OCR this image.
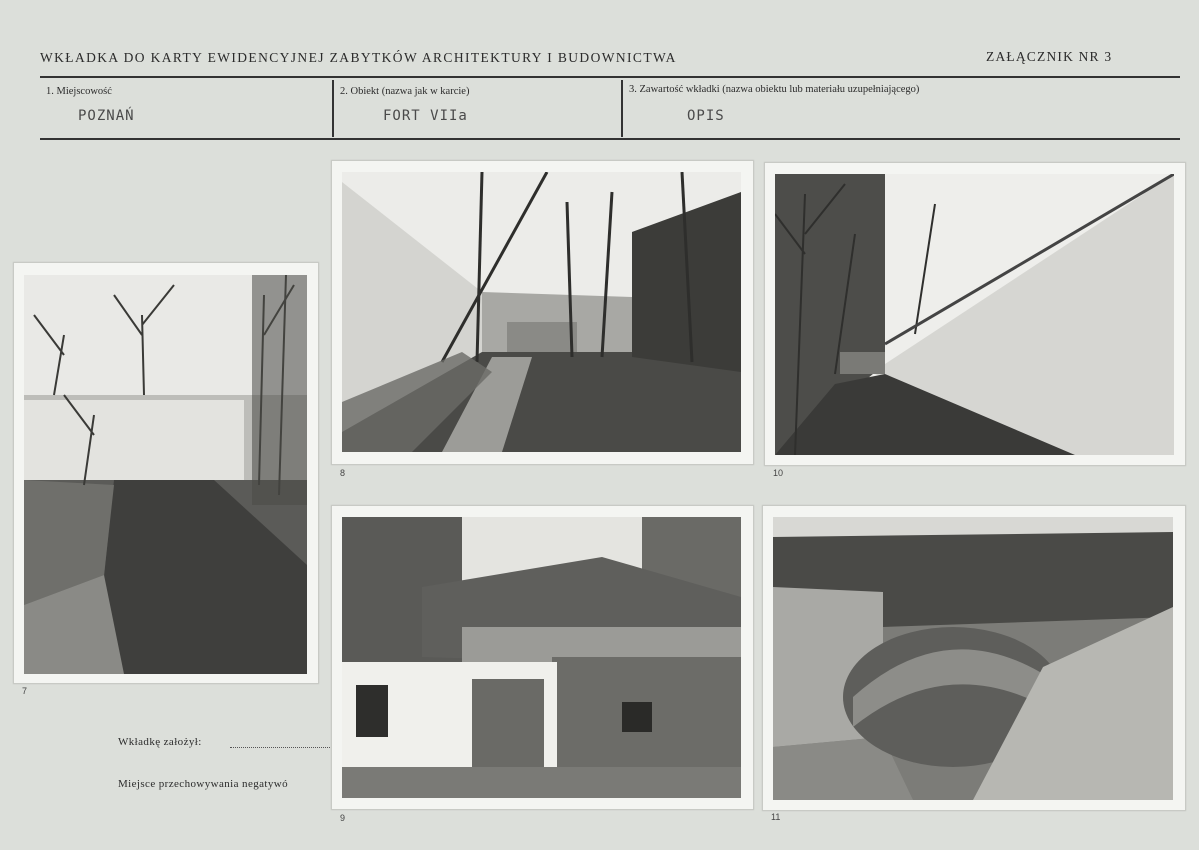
WKŁADKA DO KARTY EWIDENCYJNEJ ZABYTKÓW ARCHITEKTURY I BUDOWNICTWA	ZAŁĄCZNIK NR 3
1. Miejscowość
POZNAŃ
2. Obiekt (nazwa jak w karcie)
FORT VIIa
3. Zawartość wkładki (nazwa obiektu lub materiału uzupełniającego)
OPIS
7
8	10
9	11
Wkładkę założył:
Miejsce przechowywania negatywó
